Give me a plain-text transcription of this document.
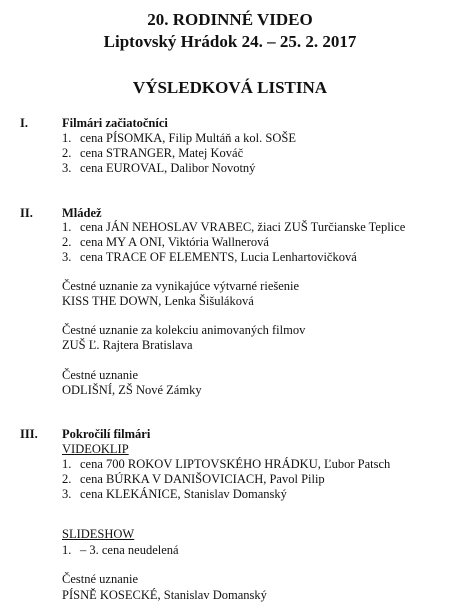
20. RODINNÉ VIDEO
Liptovský Hrádok 24. – 25. 2. 2017
VÝSLEDKOVÁ LISTINA
I.	Filmári začiatočníci
1. cena PÍSOMKA, Filip Multáň a kol. SOŠE
2. cena STRANGER, Matej Kováč
3. cena EUROVAL, Dalibor Novotný
II. Mládež
1. cena JÁN NEHOSLAV VRABEC, žiaci ZUŠ Turčianske Teplice
2. cena MY A ONI, Viktória Wallnerová
3. cena TRACE OF ELEMENTS, Lucia Lenhartovičková
Čestné uznanie za vynikajúce výtvarné riešenie
KISS THE DOWN, Lenka Šišuláková
Čestné uznanie za kolekciu animovaných filmov
ZUŠ Ľ. Rajtera Bratislava
Čestné uznanie
ODLIŠNÍ, ZŠ Nové Zámky
III. Pokročilí filmári
VIDEOKLIP
1. cena 700 ROKOV LIPTOVSKÉHO HRÁDKU, Ľubor Patsch
2. cena BÚRKA V DANIŠOVICIACH, Pavol Pilip
3. cena KLEKÁNICE, Stanislav Domanský
SLIDESHOW
1. – 3. cena neudelená
Čestné uznanie
PÍSNĚ KOSECKÉ, Stanislav Domanský
